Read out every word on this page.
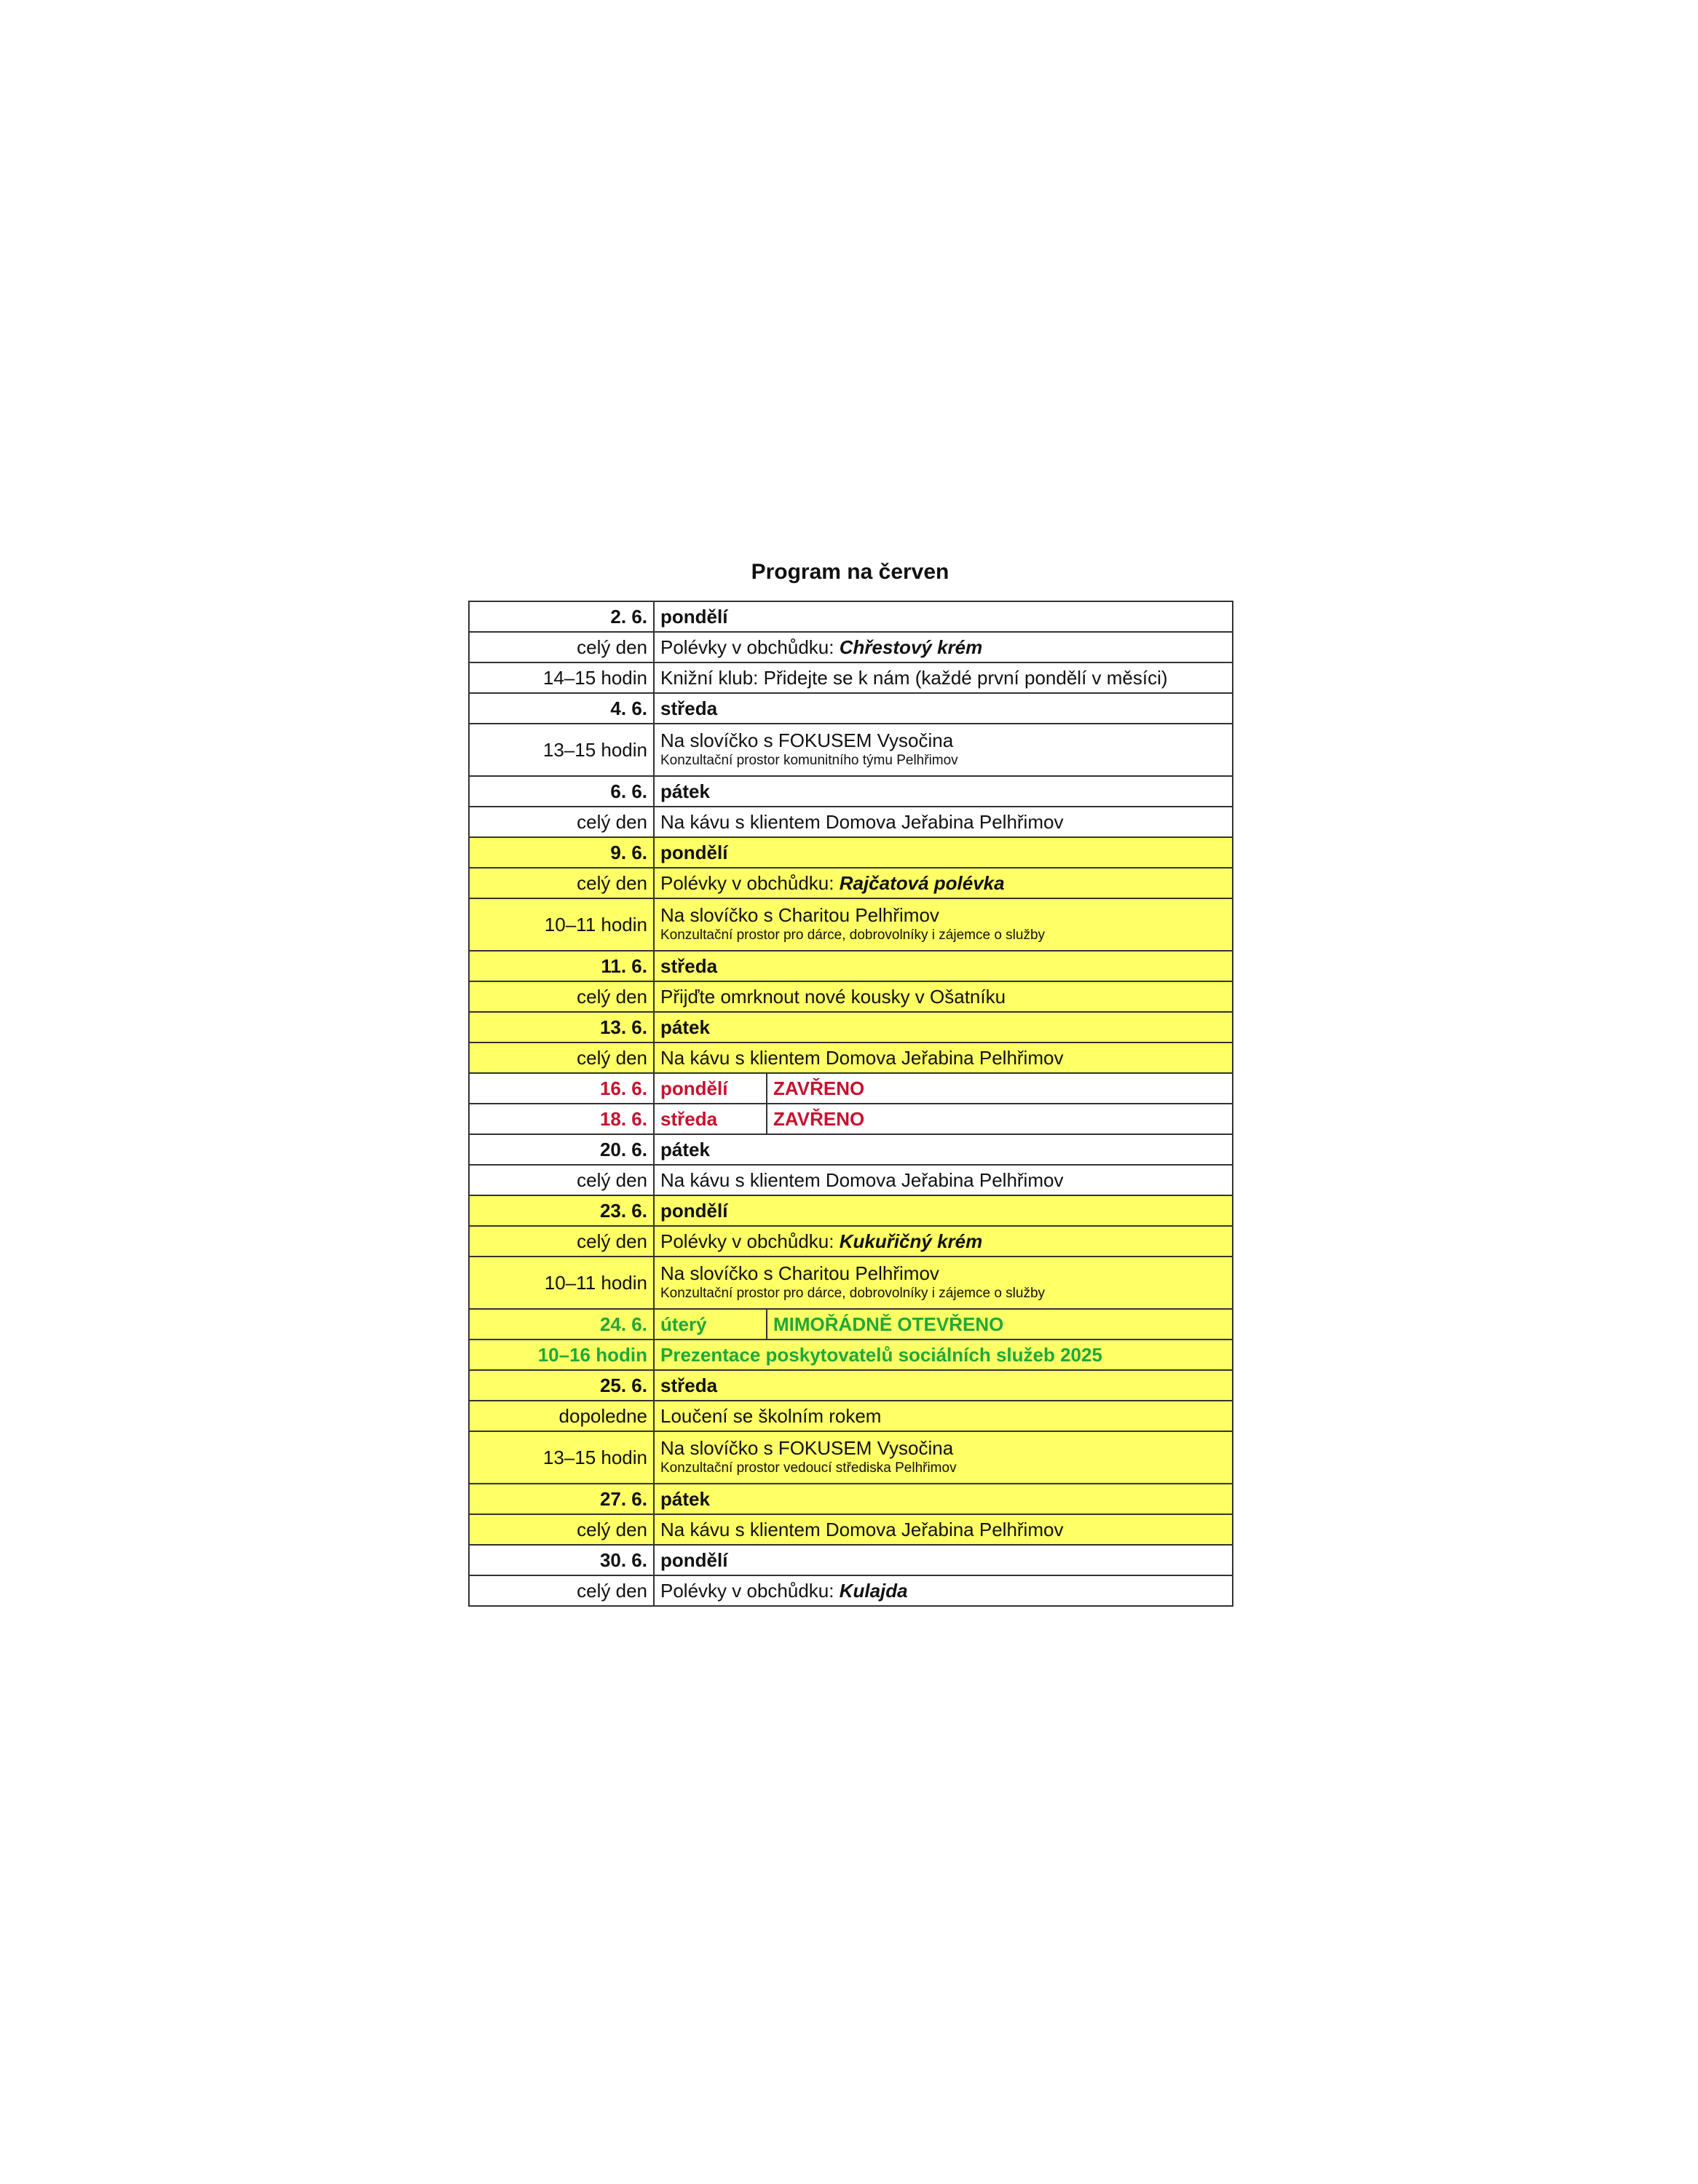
Program na červen
2. 6.	pondělí	
celý den	Polévky v obchůdku: Chřestový krém	
14–15 hodin	Knižní klub: Přidejte se k nám (každé první pondělí v měsíci)	
4. 6.	středa	
13–15 hodin	Na slovíčko s FOKUSEM Vysočina
Konzultační prostor komunitního týmu Pelhřimov	

6. 6.	pátek	
celý den	Na kávu s klientem Domova Jeřabina Pelhřimov	
9. 6.	pondělí	
celý den	Polévky v obchůdku: Rajčatová polévka	
10–11 hodin	Na slovíčko s Charitou Pelhřimov
Konzultační prostor pro dárce, dobrovolníky i zájemce o služby	

11. 6.	středa	
celý den	Přijďte omrknout nové kousky v Ošatníku	
13. 6.	pátek	
celý den	Na kávu s klientem Domova Jeřabina Pelhřimov	
16. 6.	pondělí	ZAVŘENO
18. 6.	středa	ZAVŘENO
20. 6.	pátek	
celý den	Na kávu s klientem Domova Jeřabina Pelhřimov	
23. 6.	pondělí	
celý den	Polévky v obchůdku: Kukuřičný krém	
10–11 hodin	Na slovíčko s Charitou Pelhřimov
Konzultační prostor pro dárce, dobrovolníky i zájemce o služby	

24. 6.	úterý	MIMOŘÁDNĚ OTEVŘENO
10–16 hodin	Prezentace poskytovatelů sociálních služeb 2025	
25. 6.	středa	
dopoledne	Loučení se školním rokem	
13–15 hodin	Na slovíčko s FOKUSEM Vysočina
Konzultační prostor vedoucí střediska Pelhřimov	

27. 6.	pátek	
celý den	Na kávu s klientem Domova Jeřabina Pelhřimov	
30. 6.	pondělí	
celý den	Polévky v obchůdku: Kulajda	
